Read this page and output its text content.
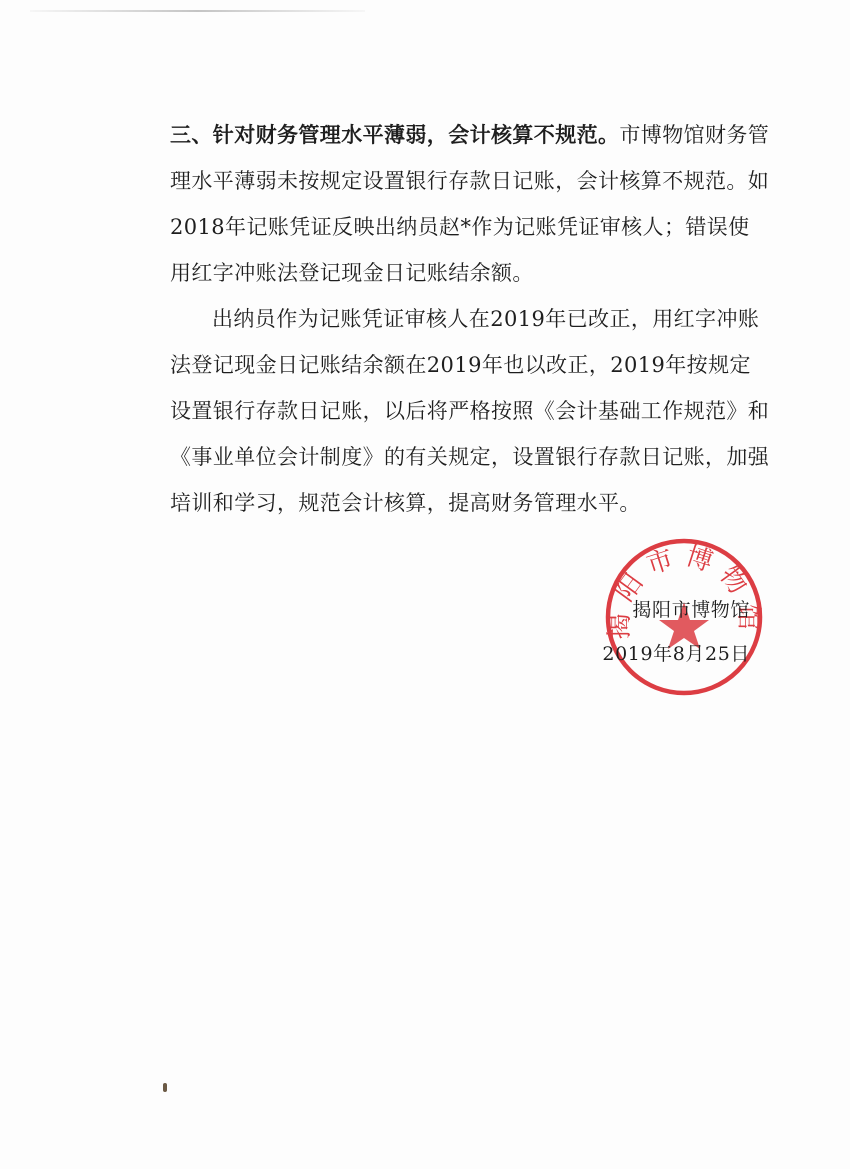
三、针对财务管理水平薄弱，会计核算不规范。市博物馆财务管理水平薄弱未按规定设置银行存款日记账，会计核算不规范。如2018年记账凭证反映出纳员赵*作为记账凭证审核人；错误使用红字冲账法登记现金日记账结余额。

出纳员作为记账凭证审核人在2019年已改正，用红字冲账法登记现金日记账结余额在2019年也以改正，2019年按规定设置银行存款日记账，以后将严格按照《会计基础工作规范》和《事业单位会计制度》的有关规定，设置银行存款日记账，加强培训和学习，规范会计核算，提高财务管理水平。

揭阳市博物馆
揭阳市博物馆
2019年8月25日
